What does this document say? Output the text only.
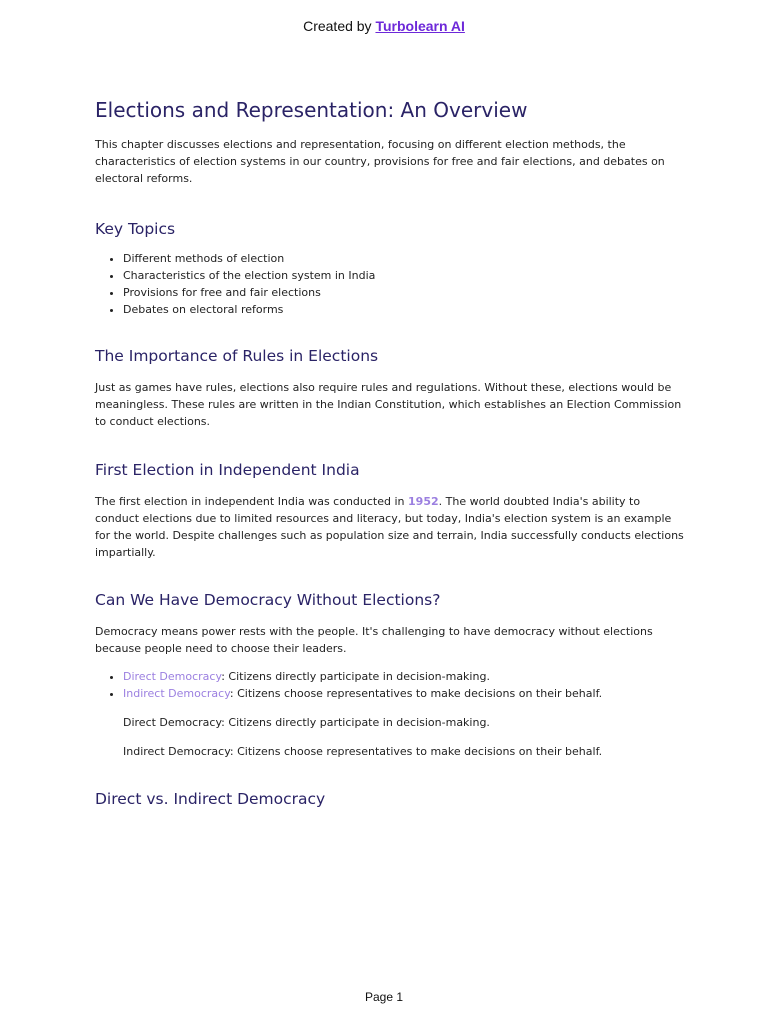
Created by Turbolearn AI
Elections and Representation: An Overview

This chapter discusses elections and representation, focusing on different election methods, the characteristics of election systems in our country, provisions for free and fair elections, and debates on electoral reforms.

Key Topics
• Different methods of election
• Characteristics of the election system in India
• Provisions for free and fair elections
• Debates on electoral reforms
The Importance of Rules in Elections

Just as games have rules, elections also require rules and regulations. Without these, elections would be meaningless. These rules are written in the Indian Constitution, which establishes an Election Commission to conduct elections.

First Election in Independent India

The first election in independent India was conducted in 1952. The world doubted India's ability to conduct elections due to limited resources and literacy, but today, India's election system is an example for the world. Despite challenges such as population size and terrain, India successfully conducts elections impartially.

Can We Have Democracy Without Elections?

Democracy means power rests with the people. It's challenging to have democracy without elections because people need to choose their leaders.

• Direct Democracy: Citizens directly participate in decision-making.
• Indirect Democracy: Citizens choose representatives to make decisions on their behalf.

Direct Democracy: Citizens directly participate in decision-making.

Indirect Democracy: Citizens choose representatives to make decisions on their behalf.

Direct vs. Indirect Democracy
Page 1
